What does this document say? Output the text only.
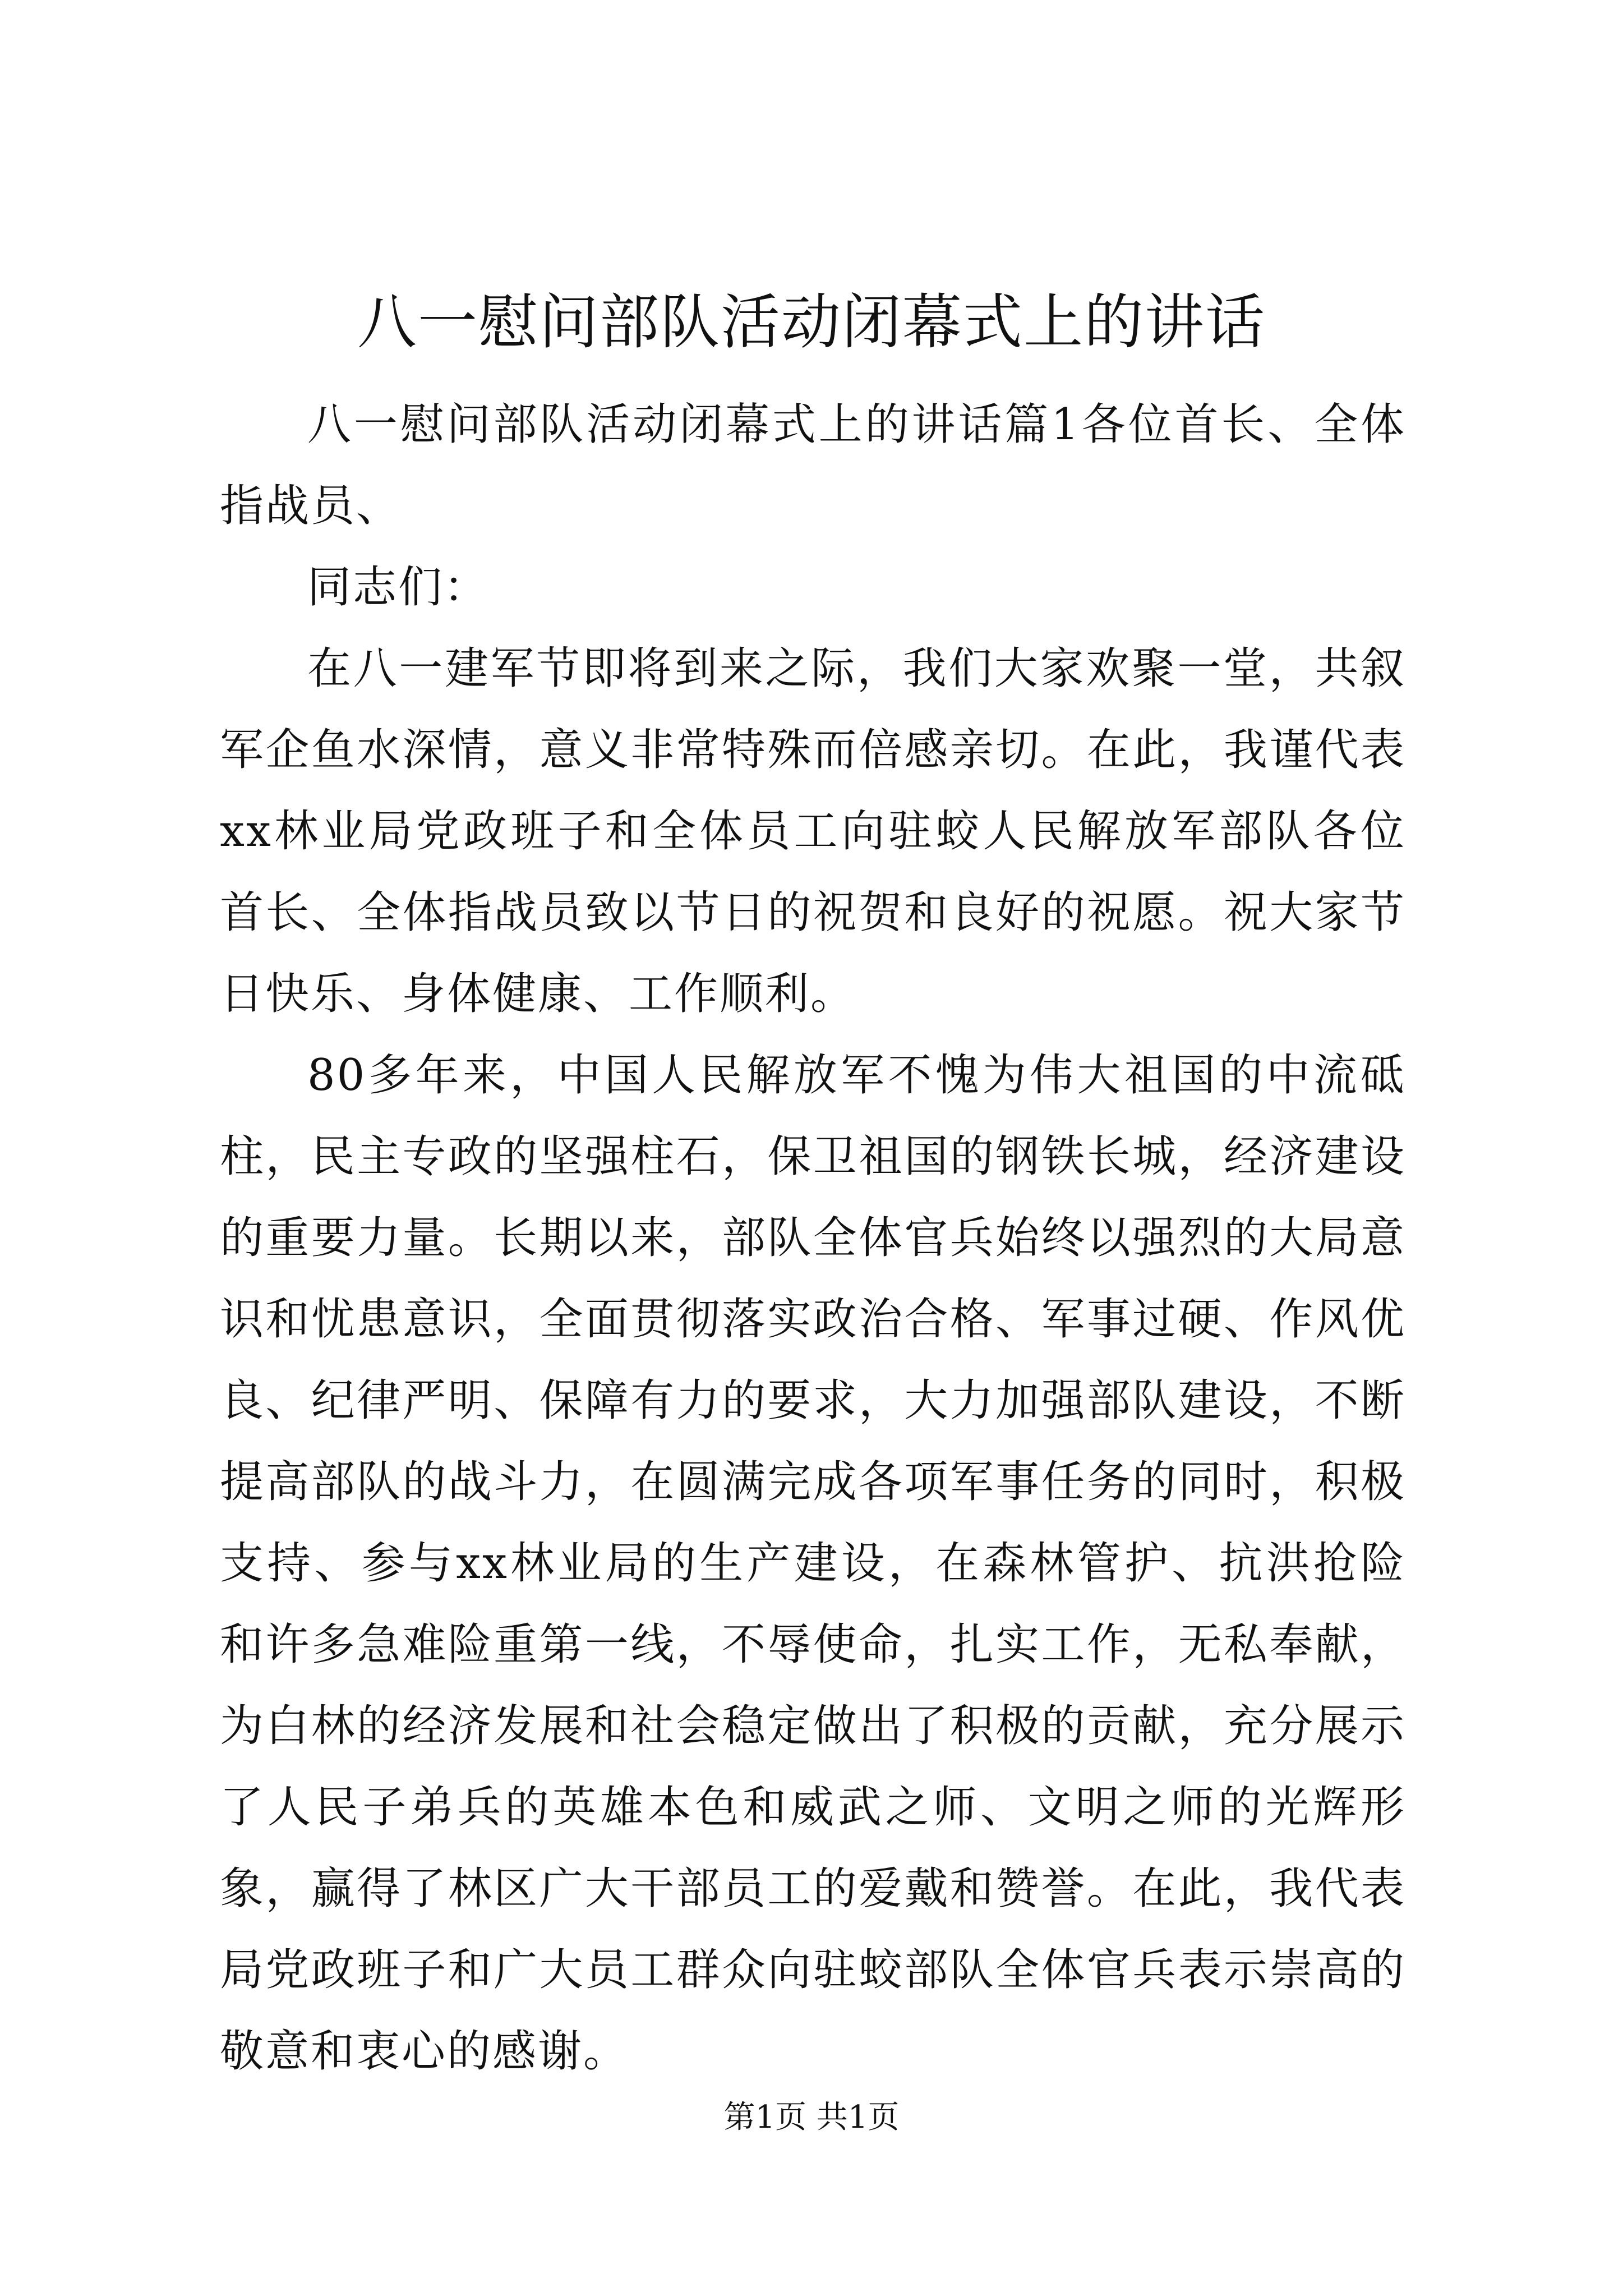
八一慰问部队活动闭幕式上的讲话

八一慰问部队活动闭幕式上的讲话篇1各位首长、全体指战员、

同志们：

在八一建军节即将到来之际，我们大家欢聚一堂，共叙军企鱼水深情，意义非常特殊而倍感亲切。在此，我谨代表xx林业局党政班子和全体员工向驻蛟人民解放军部队各位首长、全体指战员致以节日的祝贺和良好的祝愿。祝大家节日快乐、身体健康、工作顺利。

80多年来，中国人民解放军不愧为伟大祖国的中流砥柱，民主专政的坚强柱石，保卫祖国的钢铁长城，经济建设的重要力量。长期以来，部队全体官兵始终以强烈的大局意识和忧患意识，全面贯彻落实政治合格、军事过硬、作风优良、纪律严明、保障有力的要求，大力加强部队建设，不断提高部队的战斗力，在圆满完成各项军事任务的同时，积极支持、参与xx林业局的生产建设，在森林管护、抗洪抢险和许多急难险重第一线，不辱使命，扎实工作，无私奉献，为白林的经济发展和社会稳定做出了积极的贡献，充分展示了人民子弟兵的英雄本色和威武之师、文明之师的光辉形象，赢得了林区广大干部员工的爱戴和赞誉。在此，我代表局党政班子和广大员工群众向驻蛟部队全体官兵表示崇高的敬意和衷心的感谢。

第1页 共1页
